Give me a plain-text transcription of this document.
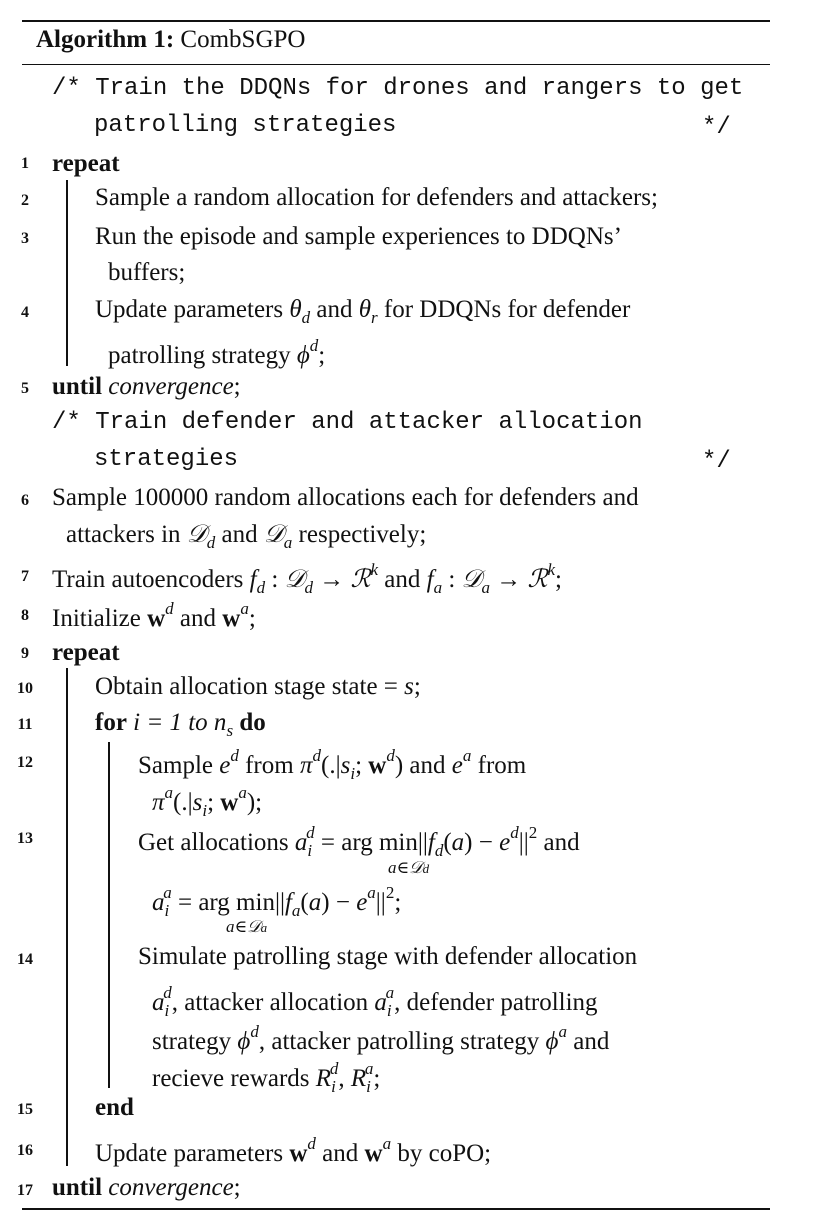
Algorithm 1: CombSGPO
/* Train the DDQNs for drones and rangers to get
patrolling strategies	*/
1 repeat
2	Sample a random allocation for defenders and attackers;
3	Run the episode and sample experiences to DDQNs’
buffers;
4	Update parameters $\theta_d$ and $\theta_r$ for DDQNs for defender
patrolling strategy $\phi^d$;
5 until convergence;
/* Train defender and attacker allocation
strategies	*/
6 Sample 100000 random allocations each for defenders and
attackers in 𝒟$_d$ and 𝒟$_a$ respectively;
7 Train autoencoders $f_d$ : 𝒟$_d$ → ℛ$^k$ and $f_a$ : 𝒟$_a$ → ℛ$^k$;
8 Initialize $w^d$ and $w^a$;
9 repeat
10 Obtain allocation stage state = s;
11 for i = 1 to $n_s$ do
12	Sample $e^d$ from $\pi^d(.|s_i$; $w^d$) and $e^a$ from
$\pi^a(.|s_i$; $w^a$);
13	Get allocations $a_i^d$ = arg $\min||f_d(a) - e^d||^2$ and
a∈𝒟d
$a_i^a$ = arg $\min||f_a(a) - e^a||^2$;
a∈𝒟a
14	Simulate patrolling stage with defender allocation
$a_i^d$, attacker allocation $a_i^a$, defender patrolling
strategy $\phi^d$, attacker patrolling strategy $\phi^a$ and
recieve rewards $R_i^d$, $R_i^a$;
15 end
16 Update parameters $w^d$ and $w^a$ by coPO;
17 until convergence;
